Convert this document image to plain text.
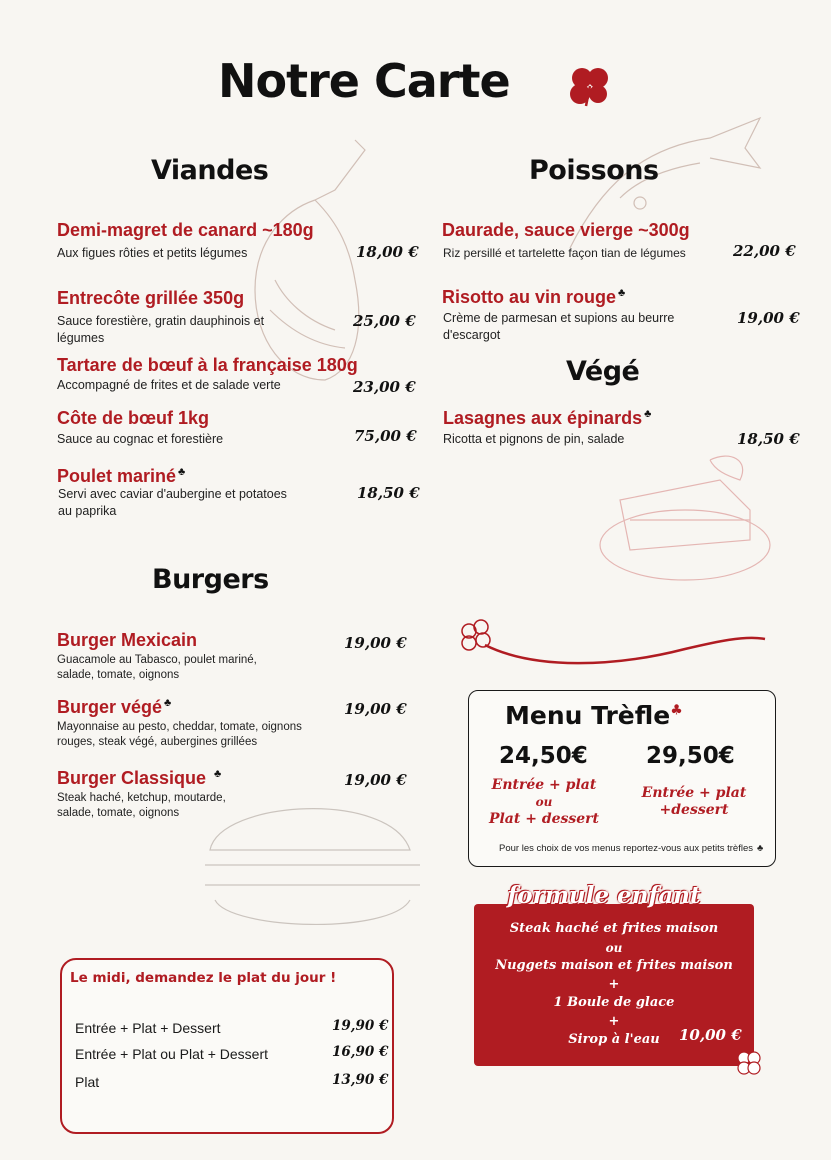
Notre Carte
Viandes	Poissons
Végé
Burgers
Demi-magret de canard ~180g
Aux figues rôties et petits légumes	18,00 €
Entrecôte grillée 350g
Sauce forestière, gratin dauphinois et légumes
25,00 €
Tartare de bœuf à la française 180g
Accompagné de frites et de salade verte	23,00 €
Côte de bœuf 1kg
Sauce au cognac et forestière	75,00 €
Poulet mariné ♣
Servi avec caviar d'aubergine et potatoes au paprika
18,50 €
Daurade, sauce vierge ~300g
Riz persillé et tartelette façon tian de légumes	22,00 €
Risotto au vin rouge ♣
Crème de parmesan et supions au beurre d'escargot
19,00 €
Lasagnes aux épinards ♣
Ricotta et pignons de pin, salade	18,50 €
Burger Mexicain
Guacamole au Tabasco, poulet mariné, salade, tomate, oignons
19,00 €
Burger végé ♣
Mayonnaise au pesto, cheddar, tomate, oignons rouges, steak végé, aubergines grillées
19,00 €
Burger Classique ♣
Steak haché, ketchup, moutarde, salade, tomate, oignons
19,00 €
Menu Trèfle♣
24,50€	29,50€
Entrée + plat
ou
Plat + dessert
Entrée + plat
+dessert
Pour les choix de vos menus reportez-vous aux petits trèfles ♣
formule enfant
Steak haché et frites maison
ou
Nuggets maison et frites maison
+
1 Boule de glace
+
Sirop à l'eau	10,00 €
Le midi, demandez le plat du jour !
Entrée + Plat + Dessert	19,90 €
Entrée + Plat ou Plat + Dessert	16,90 €
Plat	13,90 €
